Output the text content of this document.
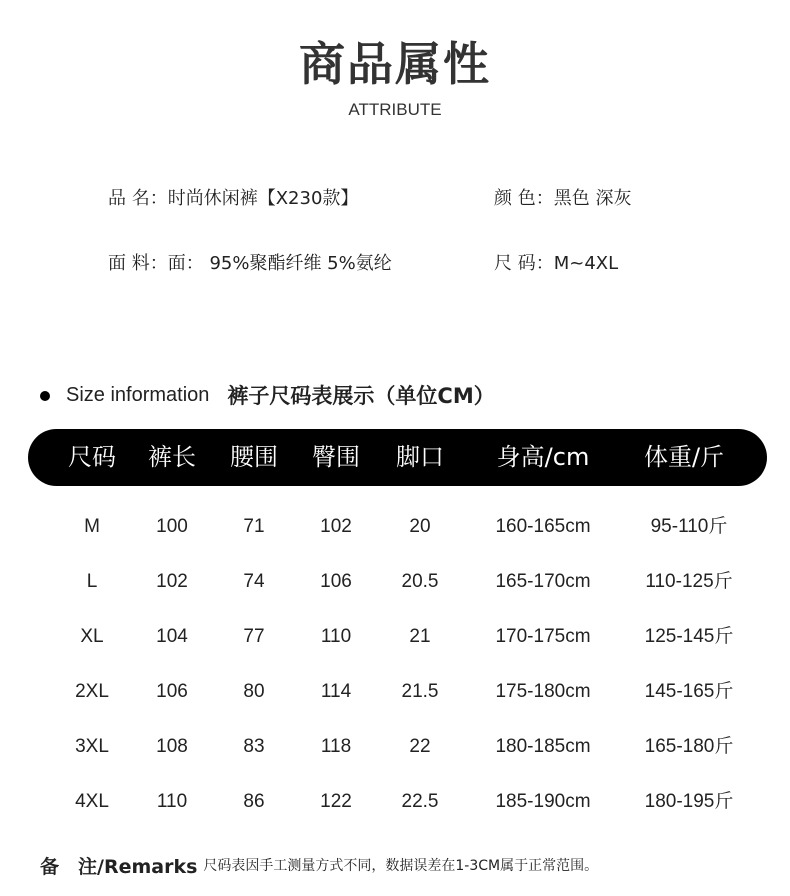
商品属性
ATTRIBUTE
品 名：时尚休闲裤【X230款】	颜 色：黑色 深灰
面 料：面： 95%聚酯纤维 5%氨纶	尺 码：M~4XL
Size information 裤子尺码表展示（单位CM）
尺码 裤长 腰围 臀围 脚口 身高/cm 体重/斤
M	100	71	102	20	160-165cm	95-110斤
L	102	74	106	20.5	165-170cm	110-125斤
XL	104	77	110	21	170-175cm	125-145斤
2XL 106	80	114	21.5	175-180cm	145-165斤
3XL 108	83	118	22	180-185cm	165-180斤
4XL	110	86	122	22.5	185-190cm	180-195斤
备　注/Remarks 尺码表因手工测量方式不同，数据误差在1-3CM属于正常范围。
